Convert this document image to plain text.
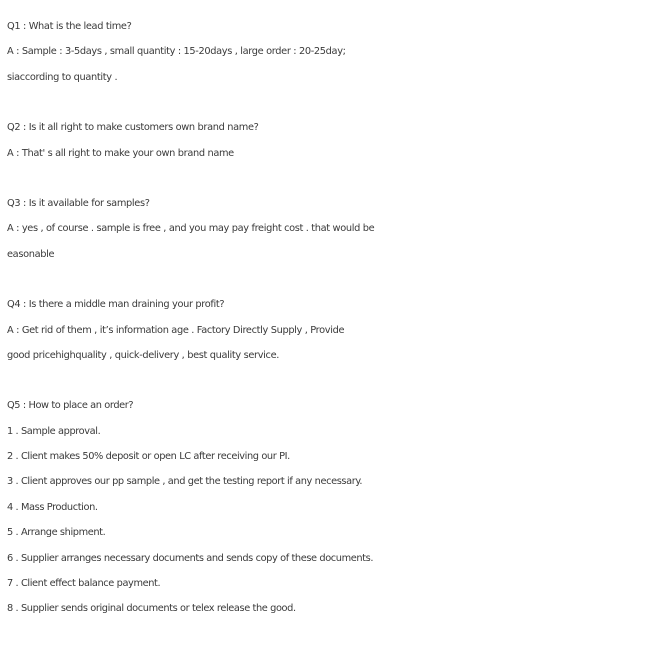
Q1 : What is the lead time?
A : Sample : 3-5days , small quantity : 15-20days , large order : 20-25day;
siaccording to quantity .
Q2 : Is it all right to make customers own brand name?
A : That' s all right to make your own brand name
Q3 : Is it available for samples?
A : yes , of course . sample is free , and you may pay freight cost . that would be
easonable
Q4 : Is there a middle man draining your profit?
A : Get rid of them , it’s information age . Factory Directly Supply , Provide
good pricehighquality , quick-delivery , best quality service.
Q5 : How to place an order?
1 . Sample approval.
2 . Client makes 50% deposit or open LC after receiving our PI.
3 . Client approves our pp sample , and get the testing report if any necessary.
4 . Mass Production.
5 . Arrange shipment.
6 . Supplier arranges necessary documents and sends copy of these documents.
7 . Client effect balance payment.
8 . Supplier sends original documents or telex release the good.
